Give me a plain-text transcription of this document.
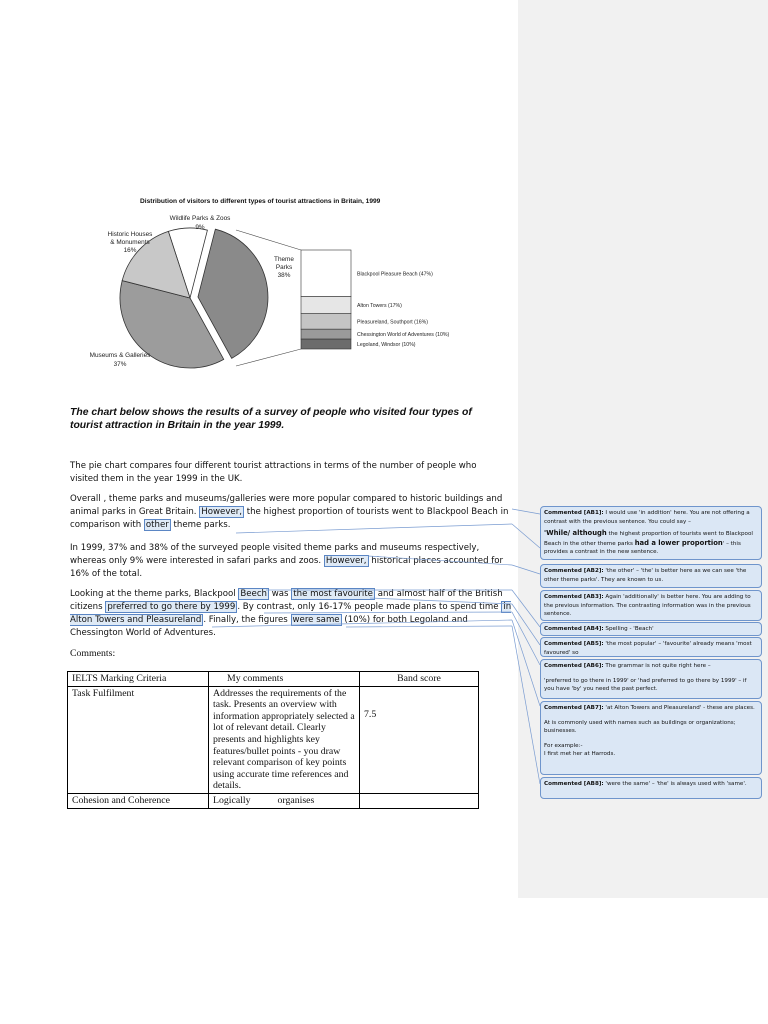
Distribution of visitors to different types of tourist attractions in Britain, 1999
Wildlife Parks & Zoos
9%
Theme
Parks
38%
Museums & Galleries
37%
Historic Houses
& Monuments
16%
Blackpool Pleasure Beach (47%)
Alton Towers (17%)
Pleasureland, Southport (16%)
Chessington World of Adventures (10%)
Legoland, Windsor (10%)
The chart below shows the results of a survey of people who visited four types of tourist attraction in Britain in the year 1999.
The pie chart compares four different tourist attractions in terms of the number of people who visited them in the year 1999 in the UK.
Overall , theme parks and museums/galleries were more popular compared to historic buildings and animal parks in Great Britain. However, the highest proportion of tourists went to Blackpool Beach in comparison with other theme parks.
In 1999, 37% and 38% of the surveyed people visited theme parks and museums respectively, whereas only 9% were interested in safari parks and zoos. However, historical places accounted for 16% of the total.
Looking at the theme parks, Blackpool Beech was the most favourite and almost half of the British citizens preferred to go there by 1999 . By contrast, only 16-17% people made plans to spend time in Alton Towers and Pleasureland . Finally, the figures were same (10%) for both Legoland and Chessington World of Adventures.
Comments:
IELTS Marking Criteria	My comments	Band score
Task Fulfilment	Addresses the requirements of the task. Presents an overview with information appropriately selected a lot of relevant detail. Clearly presents and highlights key features/bullet points - you draw relevant comparison of key points using accurate time references and details.	7.5
Cohesion and Coherence	Logically           organises	
Commented [AB1]: I would use 'in addition' here. You are not offering a contrast with the previous sentence. You could say –
'While/ although the highest proportion of tourists went to Blackpool Beach in the other theme parks had a lower proportion' – this provides a contrast in the new sentence.
Commented [AB2]: 'the other' – 'the' is better here as we can see 'the other theme parks'. They are known to us.
Commented [AB3]: Again 'additionally' is better here. You are adding to the previous information. The contrasting information was in the previous sentence.
Commented [AB4]: Spelling - 'Beach'
Commented [AB5]: 'the most popular' – 'favourite' already means 'most favoured' so
Commented [AB6]: The grammar is not quite right here –
'preferred to go there in 1999' or 'had preferred to go there by 1999' – if you have 'by' you need the past perfect.
Commented [AB7]: 'at Alton Towers and Pleasureland' - these are places.
At is commonly used with names such as buildings or organizations; businesses.
For example:-
I first met her at Harrods.
Commented [AB8]: 'were the same' – 'the' is always used with 'same'.
